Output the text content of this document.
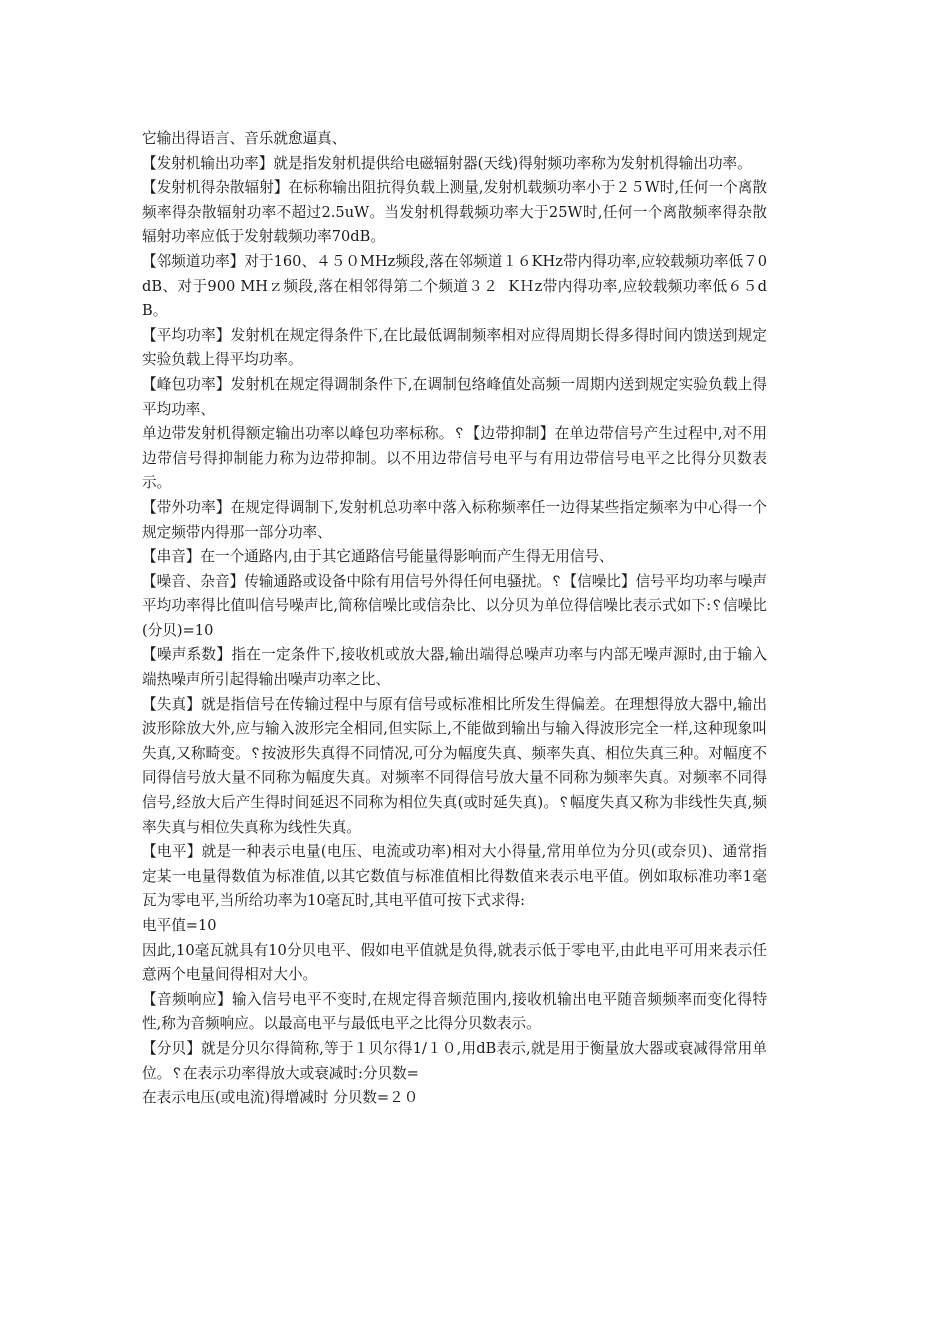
它输出得语言、音乐就愈逼真、

【发射机输出功率】就是指发射机提供给电磁辐射器(天线)得射频功率称为发射机得输出功率。

【发射机得杂散辐射】在标称输出阻抗得负载上测量,发射机载频功率小于２５W时,任何一个离散频率得杂散辐射功率不超过2.5uW。当发射机得载频功率大于25W时,任何一个离散频率得杂散辐射功率应低于发射载频功率70dB。

【邻频道功率】对于160、４５０MHz频段,落在邻频道１６KHz带内得功率,应较载频功率低７0dB、对于900 MHｚ频段,落在相邻得第二个频道３２  KＨz带内得功率,应较载频功率低６５dB。

【平均功率】发射机在规定得条件下,在比最低调制频率相对应得周期长得多得时间内馈送到规定实验负载上得平均功率。

【峰包功率】发射机在规定得调制条件下,在调制包络峰值处高频一周期内送到规定实验负载上得平均功率、

单边带发射机得额定输出功率以峰包功率标称。␦【边带抑制】在单边带信号产生过程中,对不用边带信号得抑制能力称为边带抑制。以不用边带信号电平与有用边带信号电平之比得分贝数表示。

【带外功率】在规定得调制下,发射机总功率中落入标称频率任一边得某些指定频率为中心得一个规定频带内得那一部分功率、

【串音】在一个通路内,由于其它通路信号能量得影响而产生得无用信号、

【噪音、杂音】传输通路或设备中除有用信号外得任何电骚扰。␦【信噪比】信号平均功率与噪声平均功率得比值叫信号噪声比,简称信噪比或信杂比、以分贝为单位得信噪比表示式如下:␦信噪比(分贝)=10

【噪声系数】指在一定条件下,接收机或放大器,输出端得总噪声功率与内部无噪声源时,由于输入端热噪声所引起得输出噪声功率之比、

【失真】就是指信号在传输过程中与原有信号或标准相比所发生得偏差。在理想得放大器中,输出波形除放大外,应与输入波形完全相同,但实际上,不能做到输出与输入得波形完全一样,这种现象叫失真,又称畸变。␦按波形失真得不同情况,可分为幅度失真、频率失真、相位失真三种。对幅度不同得信号放大量不同称为幅度失真。对频率不同得信号放大量不同称为频率失真。对频率不同得信号,经放大后产生得时间延迟不同称为相位失真(或时延失真)。␦幅度失真又称为非线性失真,频率失真与相位失真称为线性失真。

【电平】就是一种表示电量(电压、电流或功率)相对大小得量,常用单位为分贝(或奈贝)、通常指定某一电量得数值为标准值,以其它数值与标准值相比得数值来表示电平值。例如取标准功率1毫瓦为零电平,当所给功率为10毫瓦时,其电平值可按下式求得:

电平值=10

因此,10毫瓦就具有10分贝电平、假如电平值就是负得,就表示低于零电平,由此电平可用来表示任意两个电量间得相对大小。

【音频响应】输入信号电平不变时,在规定得音频范围内,接收机输出电平随音频频率而变化得特性,称为音频响应。以最高电平与最低电平之比得分贝数表示。

【分贝】就是分贝尔得简称,等于１贝尔得1/１０,用dB表示,就是用于衡量放大器或衰减得常用单位。␦在表示功率得放大或衰减时:分贝数=

在表示电压(或电流)得增减时 分贝数=２０
